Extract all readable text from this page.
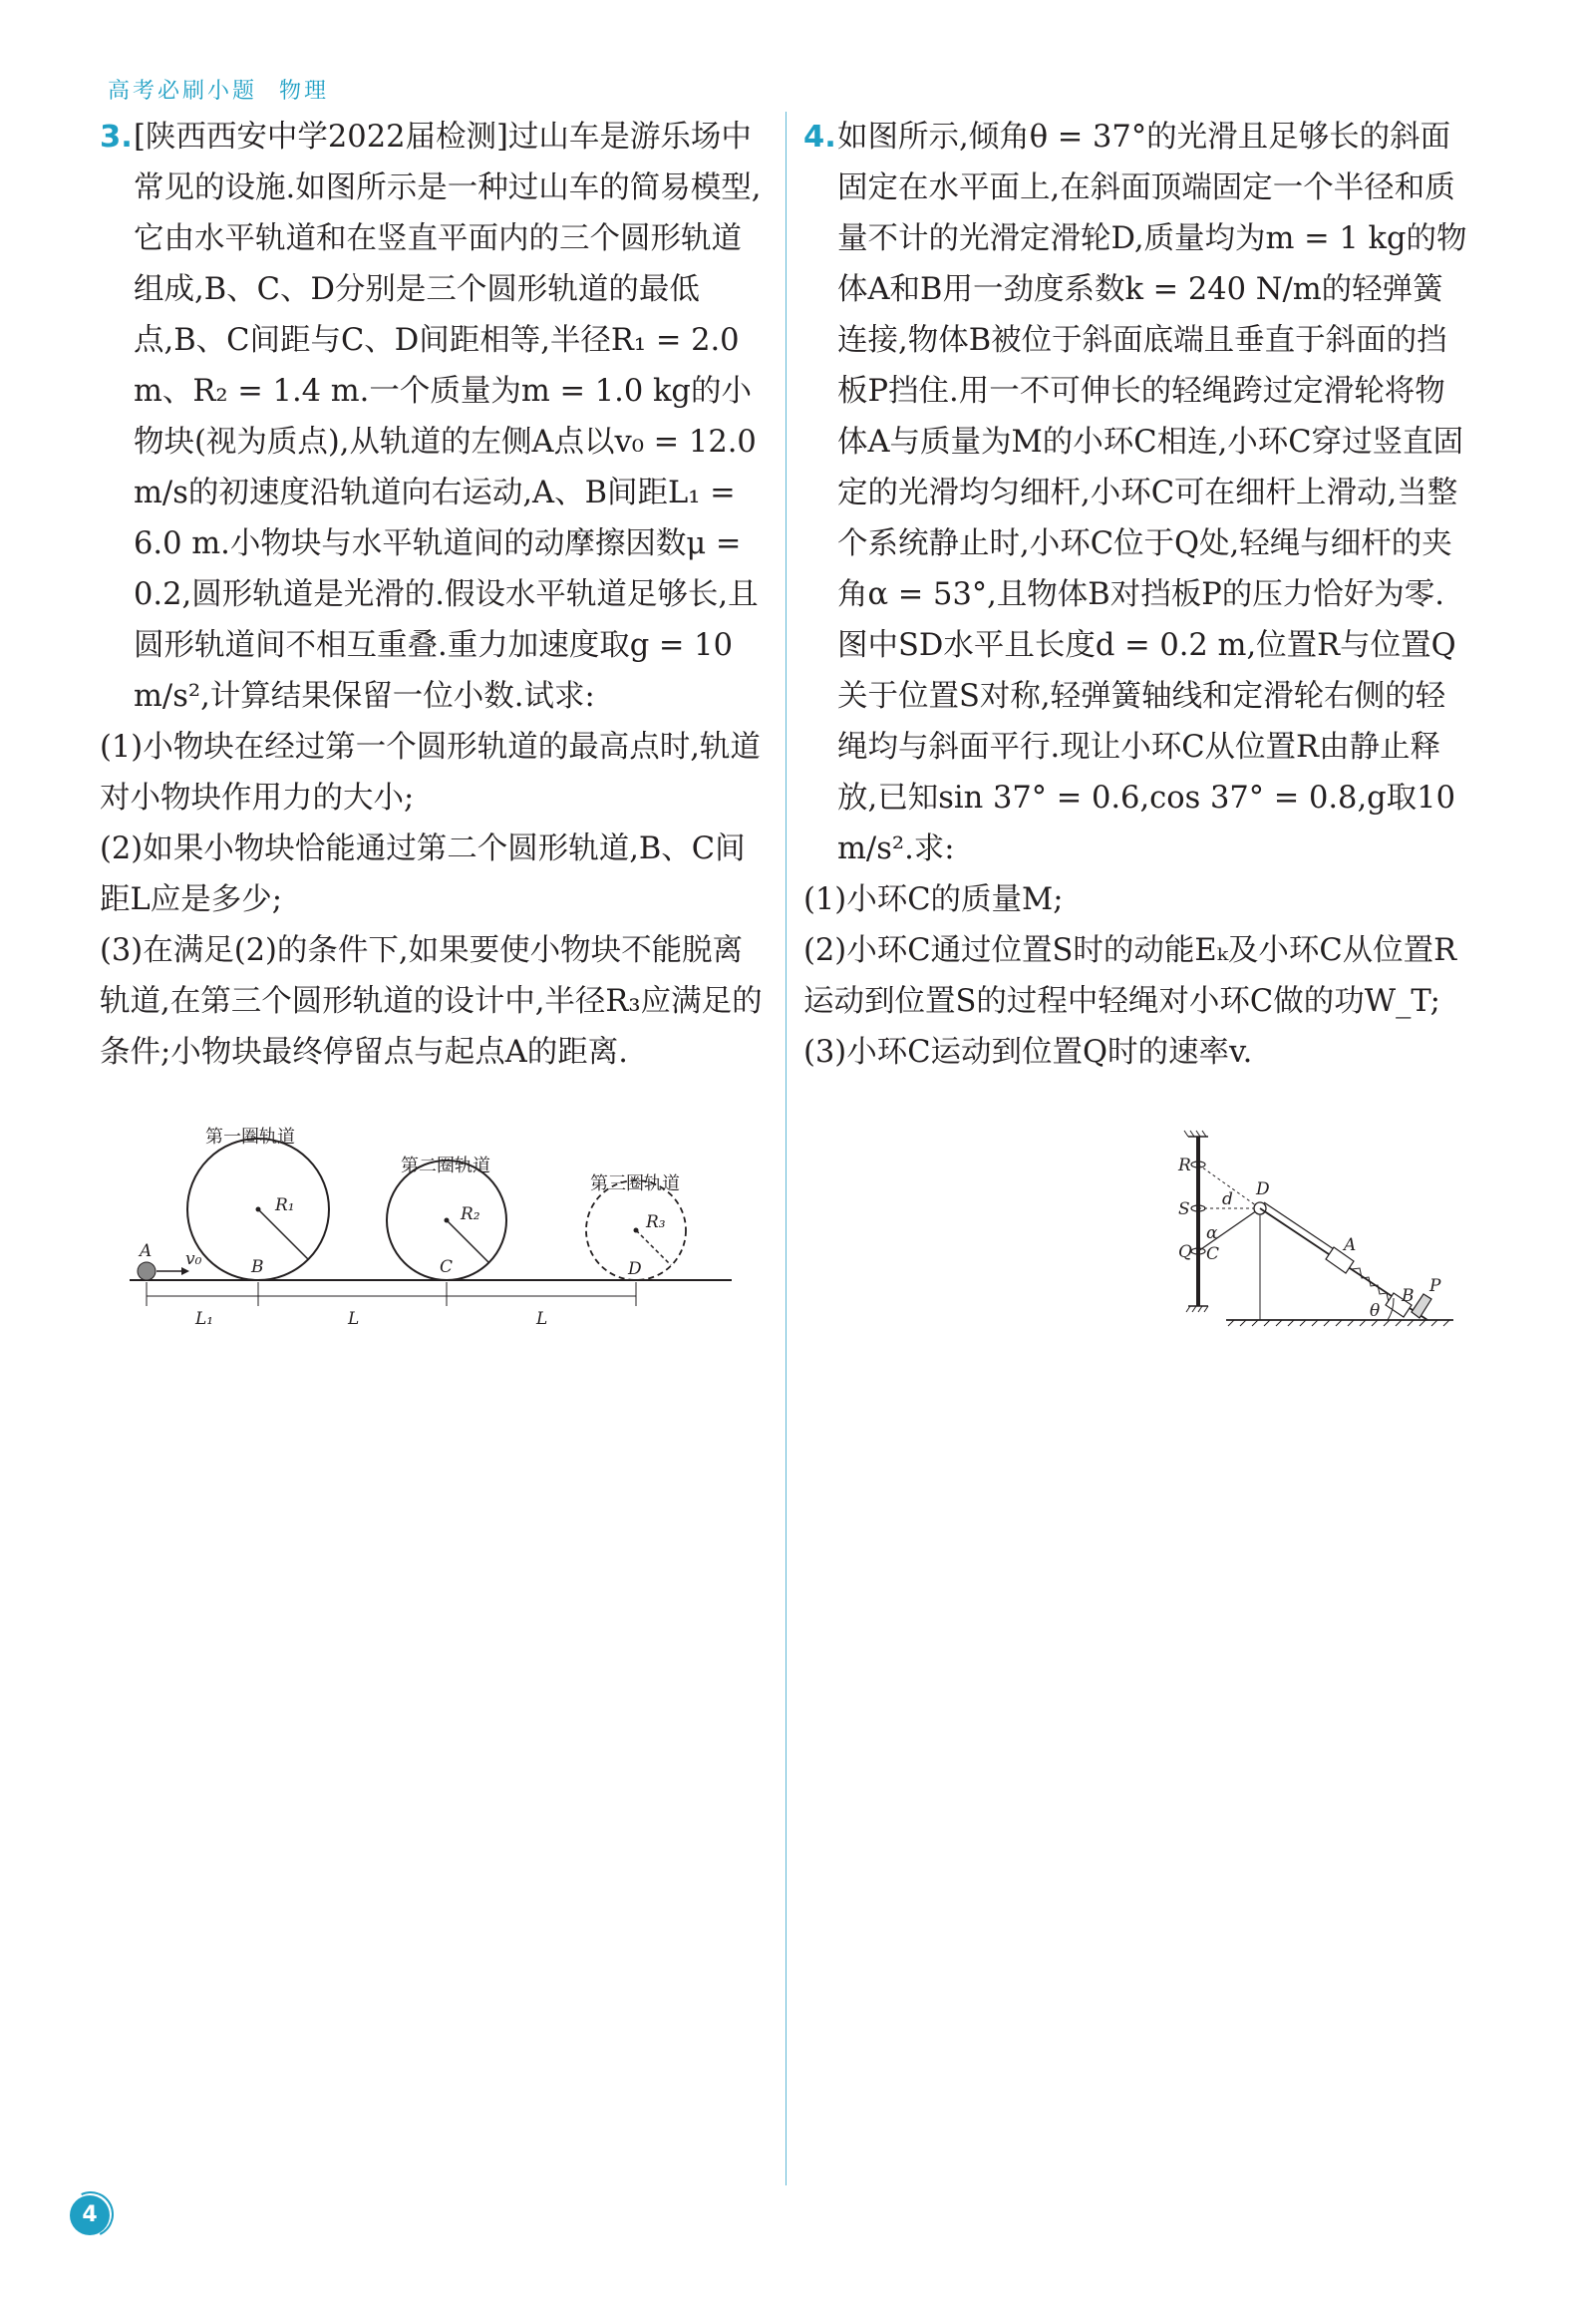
高考必刷小题 物理

3.[陕西西安中学2022届检测]过山车是游乐场中常见的设施.如图所示是一种过山车的简易模型,它由水平轨道和在竖直平面内的三个圆形轨道组成,B、C、D分别是三个圆形轨道的最低点,B、C间距与C、D间距相等,半径R₁ = 2.0 m、R₂ = 1.4 m.一个质量为m = 1.0 kg的小物块(视为质点),从轨道的左侧A点以v₀ = 12.0 m/s的初速度沿轨道向右运动,A、B间距L₁ = 6.0 m.小物块与水平轨道间的动摩擦因数μ = 0.2,圆形轨道是光滑的.假设水平轨道足够长,且圆形轨道间不相互重叠.重力加速度取g = 10 m/s²,计算结果保留一位小数.试求:

(1)小物块在经过第一个圆形轨道的最高点时,轨道对小物块作用力的大小;

(2)如果小物块恰能通过第二个圆形轨道,B、C间距L应是多少;

(3)在满足(2)的条件下,如果要使小物块不能脱离轨道,在第三个圆形轨道的设计中,半径R₃应满足的条件;小物块最终停留点与起点A的距离.

第一圈轨道
第二圈轨道
第三圈轨道
R₁	R₂	R₃
A v₀	B	C	D
L₁	L	L

4.如图所示,倾角θ = 37°的光滑且足够长的斜面固定在水平面上,在斜面顶端固定一个半径和质量不计的光滑定滑轮D,质量均为m = 1 kg的物体A和B用一劲度系数k = 240 N/m的轻弹簧连接,物体B被位于斜面底端且垂直于斜面的挡板P挡住.用一不可伸长的轻绳跨过定滑轮将物体A与质量为M的小环C相连,小环C穿过竖直固定的光滑均匀细杆,小环C可在细杆上滑动,当整个系统静止时,小环C位于Q处,轻绳与细杆的夹角α = 53°,且物体B对挡板P的压力恰好为零.图中SD水平且长度d = 0.2 m,位置R与位置Q关于位置S对称,轻弹簧轴线和定滑轮右侧的轻绳均与斜面平行.现让小环C从位置R由静止释放,已知sin 37° = 0.6,cos 37° = 0.8,g取10 m/s².求:

(1)小环C的质量M;

(2)小环C通过位置S时的动能Eₖ及小环C从位置R运动到位置S的过程中轻绳对小环C做的功W_T;

(3)小环C运动到位置Q时的速率v.

R
S
Q C
α
d D
A
B P
θ
4
